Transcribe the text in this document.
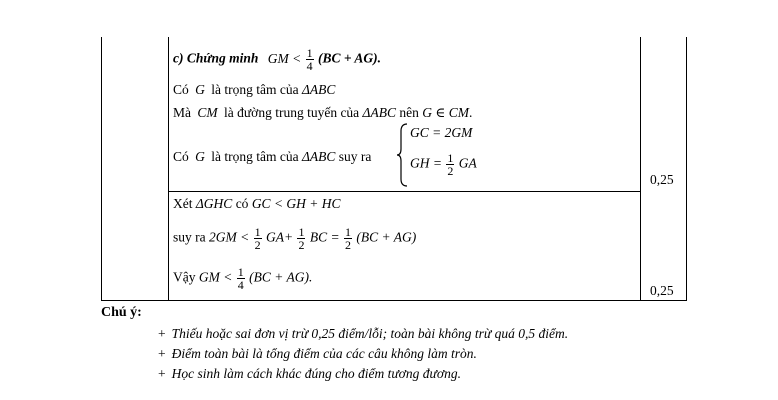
c) Chứng minh GM < $\frac{1}{4} (BC + AG)$.
Có G là trọng tâm của ΔABC
Mà CM là đường trung tuyến của ΔABC nên G ∈ CM.
Có G là trọng tâm của ΔABC suy ra
GC = 2GM
GH = $\frac{1}{2}$ GA
0,25
Xét ΔGHC có GC < GH + HC
suy ra $2GM < \frac{1}{2} GA+ \frac{1}{2}$ BC = $\frac{1}{2} (BC + AG)$
Vậy GM < $\frac{1}{4} (BC + AG)$.
0,25
Chú ý:
+ Thiếu hoặc sai đơn vị trừ 0,25 điểm/lỗi; toàn bài không trừ quá 0,5 điểm.
+ Điểm toàn bài là tổng điểm của các câu không làm tròn.
+ Học sinh làm cách khác đúng cho điểm tương đương.
